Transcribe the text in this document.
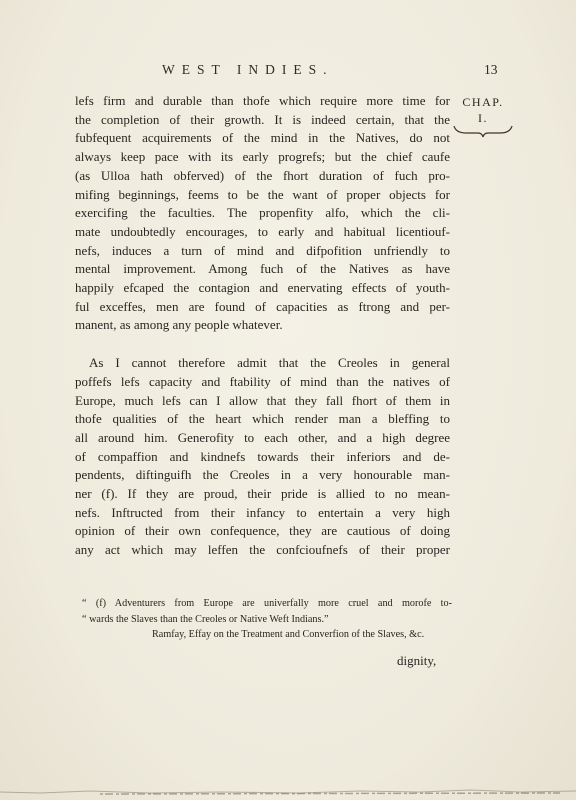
WEST INDIES.	13
CHAP.
I.
lefs firm and durable than thofe which require more time for
the completion of their growth. It is indeed certain, that the
fubfequent acquirements of the mind in the Natives, do not
always keep pace with its early progrefs; but the chief caufe
(as Ulloa hath obferved) of the fhort duration of fuch pro-
mifing beginnings, feems to be the want of proper objects for
exercifing the faculties. The propenfity alfo, which the cli-
mate undoubtedly encourages, to early and habitual licentiouf-
nefs, induces a turn of mind and difpofition unfriendly to
mental improvement. Among fuch of the Natives as have
happily efcaped the contagion and enervating effects of youth-
ful exceffes, men are found of capacities as ftrong and per-
manent, as among any people whatever.
As I cannot therefore admit that the Creoles in general
poffefs lefs capacity and ftability of mind than the natives of
Europe, much lefs can I allow that they fall fhort of them in
thofe qualities of the heart which render man a bleffing to
all around him. Generofity to each other, and a high degree
of compaffion and kindnefs towards their inferiors and de-
pendents, diftinguifh the Creoles in a very honourable man-
ner (f). If they are proud, their pride is allied to no mean-
nefs. Inftructed from their infancy to entertain a very high
opinion of their own confequence, they are cautious of doing
any act which may leffen the confcioufnefs of their proper
“ (f) Adventurers from Europe are univerfally more cruel and morofe to-
“ wards the Slaves than the Creoles or Native Weft Indians.”
Ramfay, Effay on the Treatment and Converfion of the Slaves, &c.
dignity,
